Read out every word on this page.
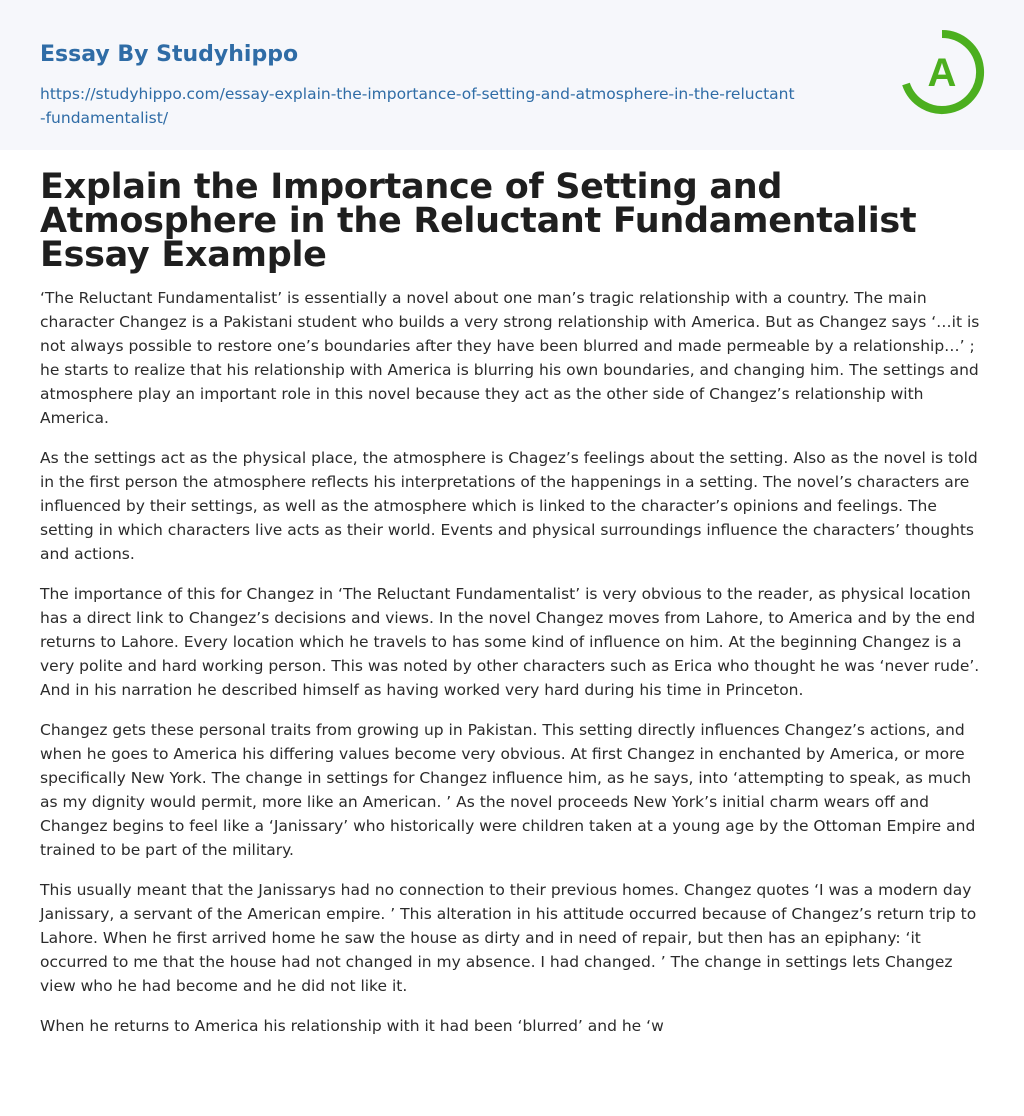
Essay By Studyhippo
https://studyhippo.com/essay-explain-the-importance-of-setting-and-atmosphere-in-the-reluctant-fundamentalist/
A
Explain the Importance of Setting and Atmosphere in the Reluctant Fundamentalist Essay Example

‘The Reluctant Fundamentalist’ is essentially a novel about one man’s tragic relationship with a country. The main character Changez is a Pakistani student who builds a very strong relationship with America. But as Changez says ‘…it is not always possible to restore one’s boundaries after they have been blurred and made permeable by a relationship…’ ; he starts to realize that his relationship with America is blurring his own boundaries, and changing him. The settings and atmosphere play an important role in this novel because they act as the other side of Changez’s relationship with America.

As the settings act as the physical place, the atmosphere is Chagez’s feelings about the setting. Also as the novel is told in the first person the atmosphere reflects his interpretations of the happenings in a setting. The novel’s characters are influenced by their settings, as well as the atmosphere which is linked to the character’s opinions and feelings. The setting in which characters live acts as their world. Events and physical surroundings influence the characters’ thoughts and actions.

The importance of this for Changez in ‘The Reluctant Fundamentalist’ is very obvious to the reader, as physical location has a direct link to Changez’s decisions and views. In the novel Changez moves from Lahore, to America and by the end returns to Lahore. Every location which he travels to has some kind of influence on him. At the beginning Changez is a very polite and hard working person. This was noted by other characters such as Erica who thought he was ‘never rude’. And in his narration he described himself as having worked very hard during his time in Princeton.

Changez gets these personal traits from growing up in Pakistan. This setting directly influences Changez’s actions, and when he goes to America his differing values become very obvious. At first Changez in enchanted by America, or more specifically New York. The change in settings for Changez influence him, as he says, into ‘attempting to speak, as much as my dignity would permit, more like an American. ’ As the novel proceeds New York’s initial charm wears off and Changez begins to feel like a ‘Janissary’ who historically were children taken at a young age by the Ottoman Empire and trained to be part of the military.

This usually meant that the Janissarys had no connection to their previous homes. Changez quotes ‘I was a modern day Janissary, a servant of the American empire. ’ This alteration in his attitude occurred because of Changez’s return trip to Lahore. When he first arrived home he saw the house as dirty and in need of repair, but then has an epiphany: ‘it occurred to me that the house had not changed in my absence. I had changed. ’ The change in settings lets Changez view who he had become and he did not like it.

When he returns to America his relationship with it had been ‘blurred’ and he ‘w
